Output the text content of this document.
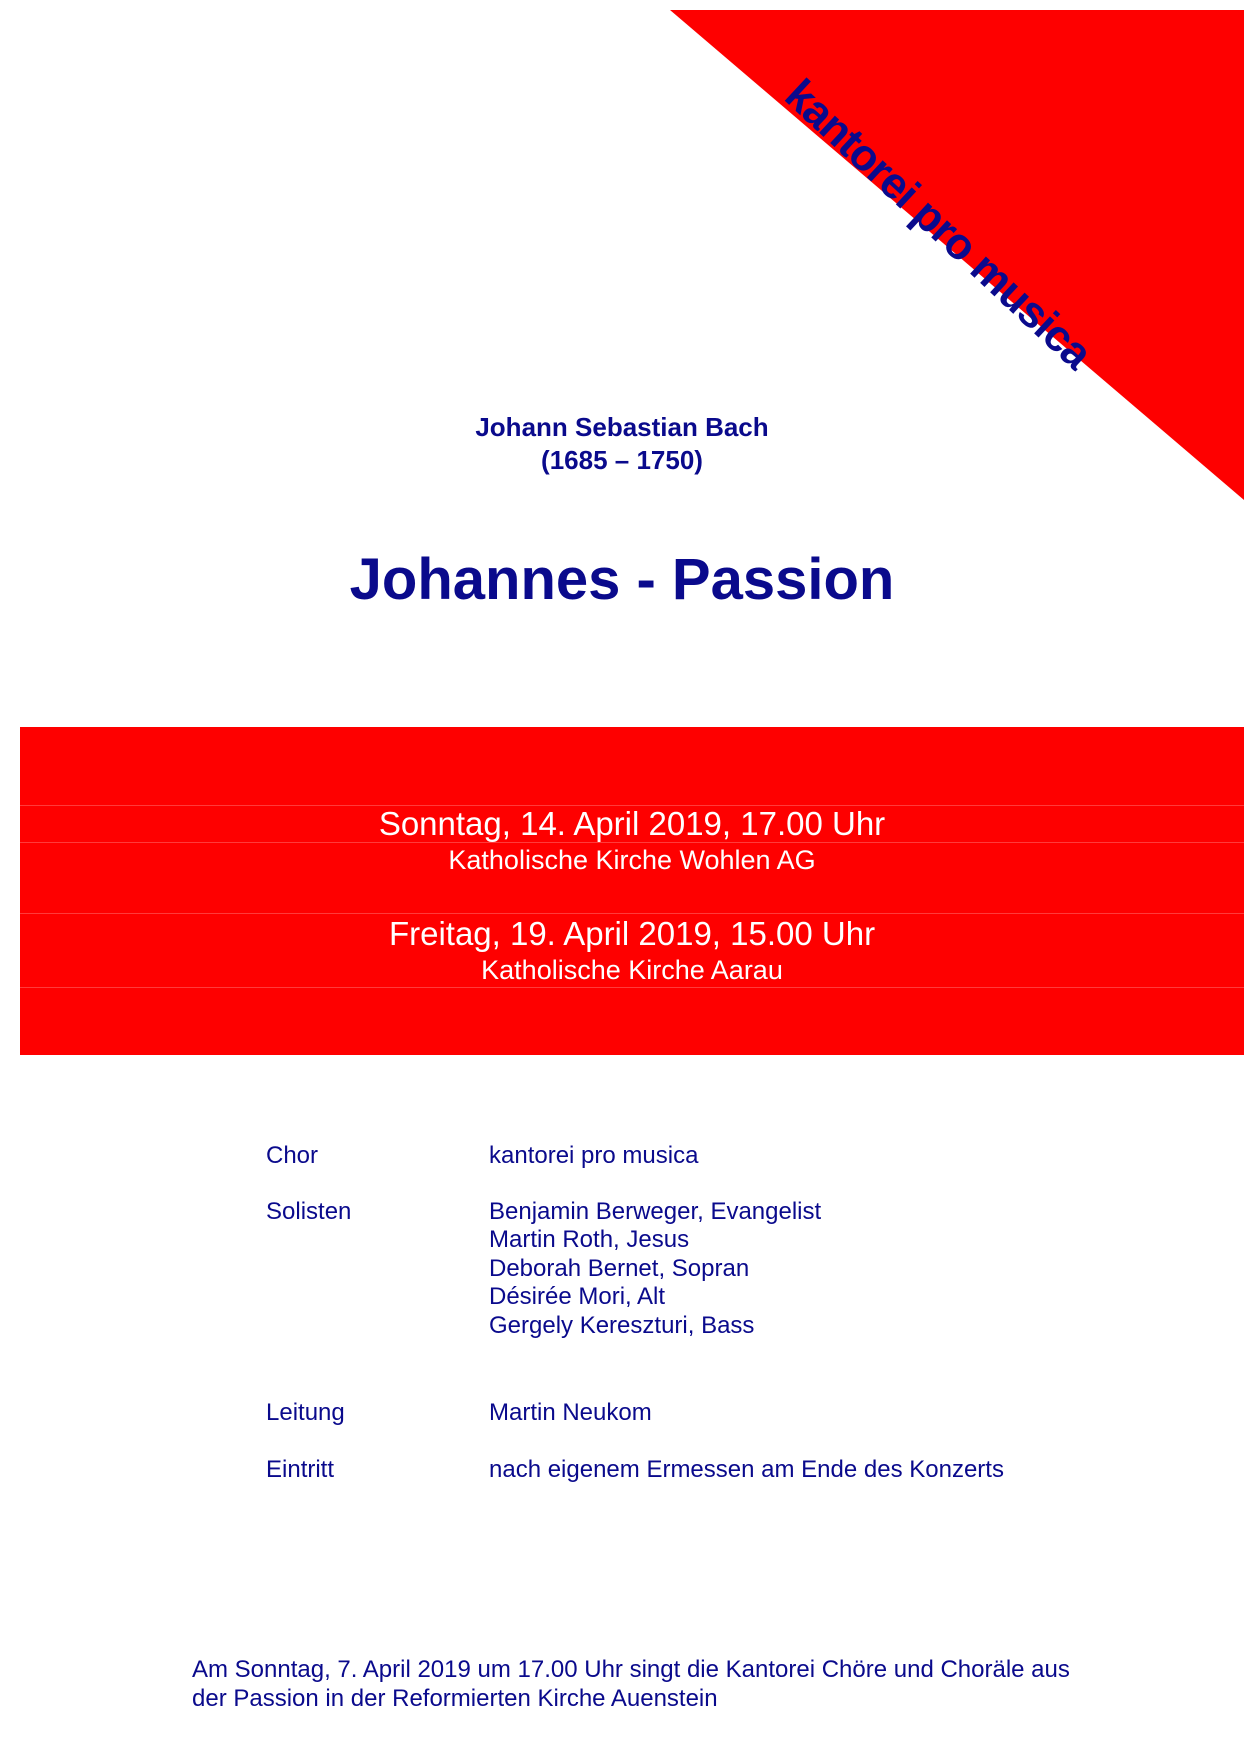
kantorei pro musica
Johann Sebastian Bach
(1685 – 1750)
Johannes - Passion
Sonntag, 14. April 2019, 17.00 Uhr
Katholische Kirche Wohlen AG
Freitag, 19. April 2019, 15.00 Uhr
Katholische Kirche Aarau
Chor	kantorei pro musica
Solisten	Benjamin Berweger, Evangelist
Martin Roth, Jesus
Deborah Bernet, Sopran
Désirée Mori, Alt
Gergely Kereszturi, Bass
Leitung	Martin Neukom
Eintritt	nach eigenem Ermessen am Ende des Konzerts
Am Sonntag, 7. April 2019 um 17.00 Uhr singt die Kantorei Chöre und Choräle aus
der Passion in der Reformierten Kirche Auenstein
